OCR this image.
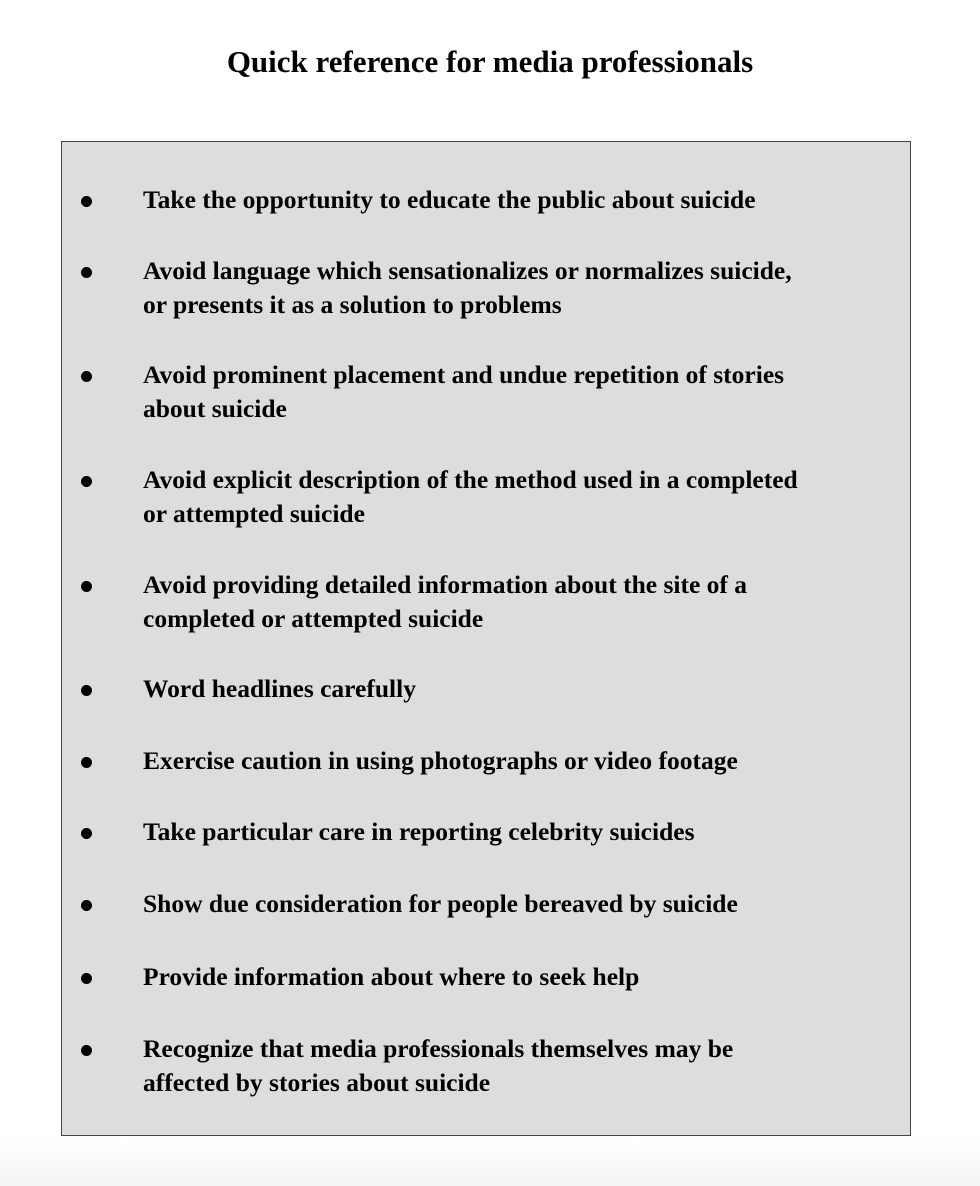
Quick reference for media professionals
Take the opportunity to educate the public about suicide
Avoid language which sensationalizes or normalizes suicide,
or presents it as a solution to problems
Avoid prominent placement and undue repetition of stories
about suicide
Avoid explicit description of the method used in a completed
or attempted suicide
Avoid providing detailed information about the site of a
completed or attempted suicide
Word headlines carefully
Exercise caution in using photographs or video footage
Take particular care in reporting celebrity suicides
Show due consideration for people bereaved by suicide
Provide information about where to seek help
Recognize that media professionals themselves may be
affected by stories about suicide
